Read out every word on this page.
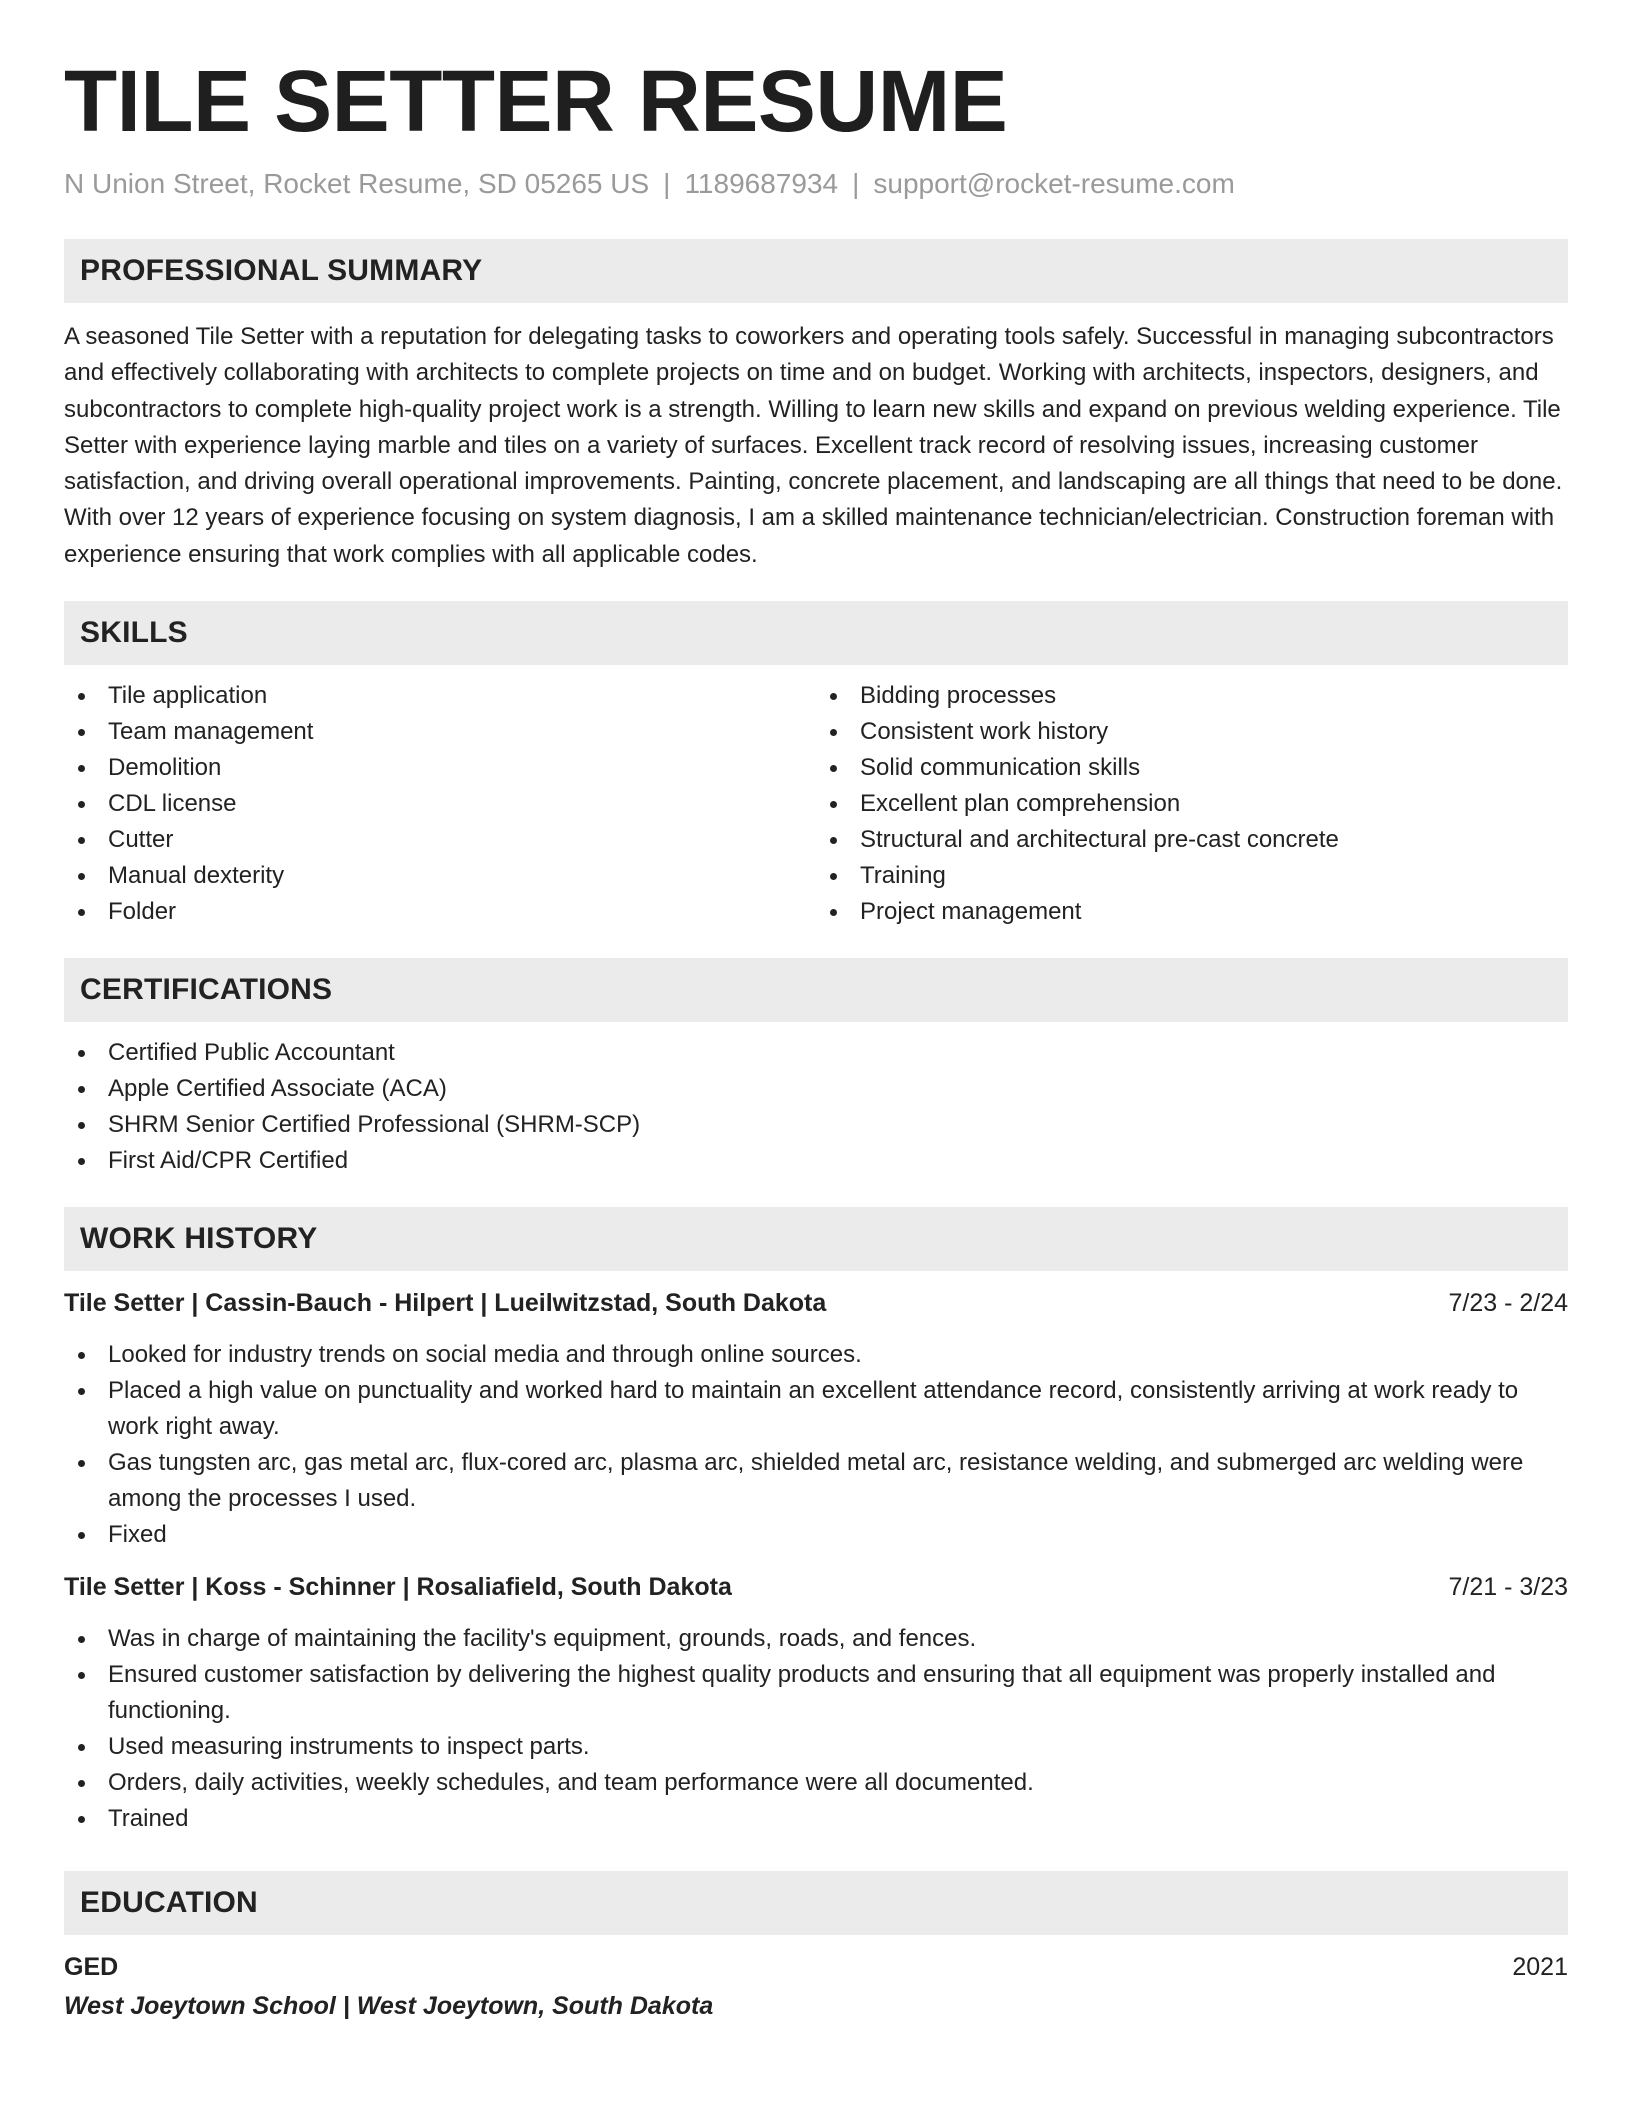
TILE SETTER RESUME
N Union Street, Rocket Resume, SD 05265 US | 1189687934 | support@rocket-resume.com
PROFESSIONAL SUMMARY

A seasoned Tile Setter with a reputation for delegating tasks to coworkers and operating tools safely. Successful in managing subcontractors and effectively collaborating with architects to complete projects on time and on budget. Working with architects, inspectors, designers, and subcontractors to complete high-quality project work is a strength. Willing to learn new skills and expand on previous welding experience. Tile Setter with experience laying marble and tiles on a variety of surfaces. Excellent track record of resolving issues, increasing customer satisfaction, and driving overall operational improvements. Painting, concrete placement, and landscaping are all things that need to be done. With over 12 years of experience focusing on system diagnosis, I am a skilled maintenance technician/electrician. Construction foreman with experience ensuring that work complies with all applicable codes.

SKILLS
Tile application
Team management
Demolition
CDL license
Cutter
Manual dexterity
Folder
Bidding processes
Consistent work history
Solid communication skills
Excellent plan comprehension
Structural and architectural pre-cast concrete
Training
Project management
CERTIFICATIONS
Certified Public Accountant
Apple Certified Associate (ACA)
SHRM Senior Certified Professional (SHRM-SCP)
First Aid/CPR Certified
WORK HISTORY
Tile Setter | Cassin-Bauch - Hilpert | Lueilwitzstad, South Dakota	7/23 - 2/24
Looked for industry trends on social media and through online sources.
Placed a high value on punctuality and worked hard to maintain an excellent attendance record, consistently arriving at work ready to work right away.
Gas tungsten arc, gas metal arc, flux-cored arc, plasma arc, shielded metal arc, resistance welding, and submerged arc welding were among the processes I used.
Fixed
Tile Setter | Koss - Schinner | Rosaliafield, South Dakota	7/21 - 3/23
Was in charge of maintaining the facility's equipment, grounds, roads, and fences.
Ensured customer satisfaction by delivering the highest quality products and ensuring that all equipment was properly installed and functioning.
Used measuring instruments to inspect parts.
Orders, daily activities, weekly schedules, and team performance were all documented.
Trained
EDUCATION
GED	2021
West Joeytown School | West Joeytown, South Dakota
